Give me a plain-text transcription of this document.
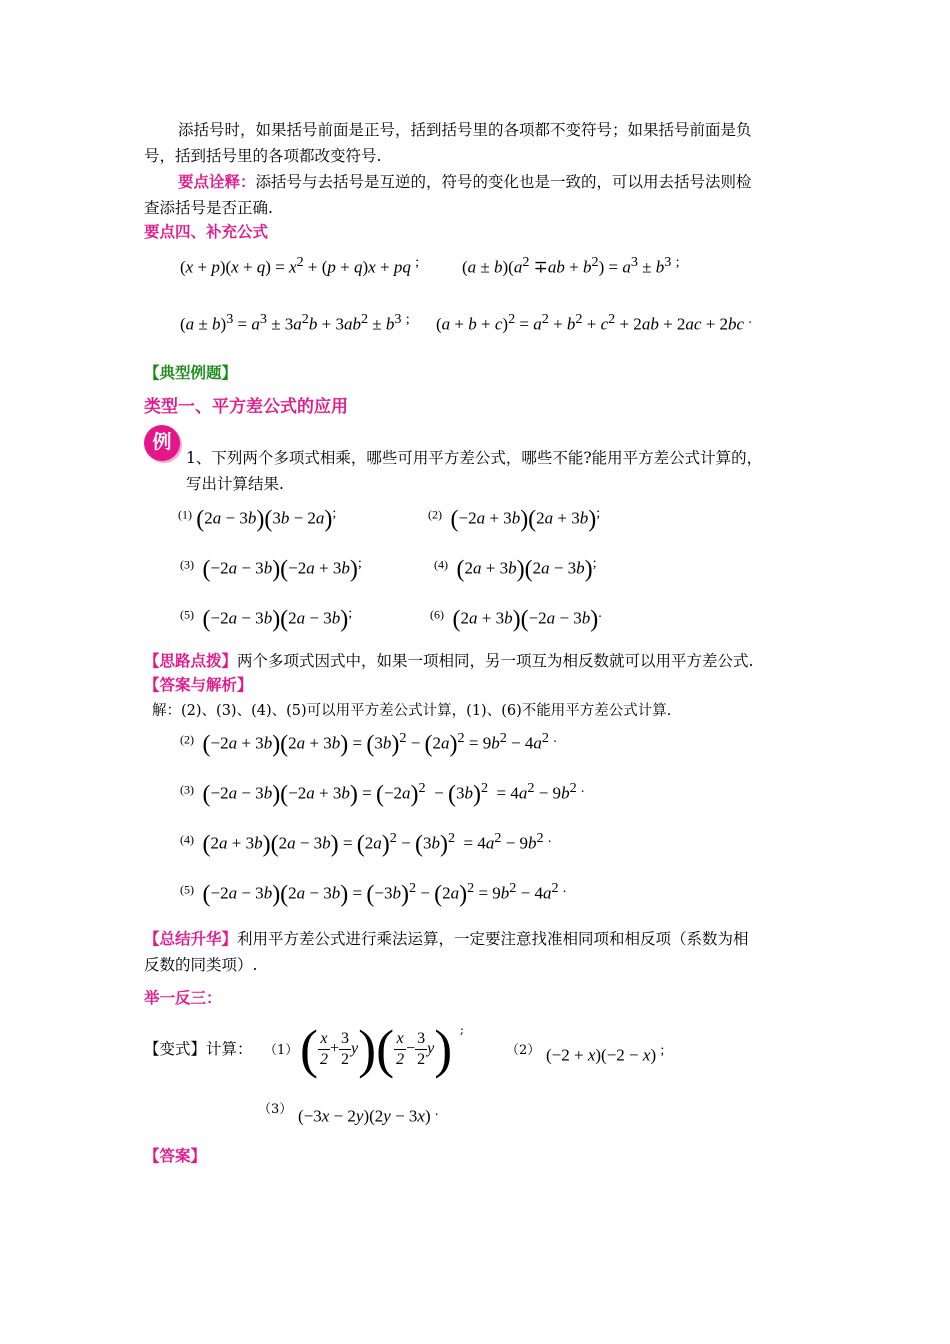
添括号时，如果括号前面是正号，括到括号里的各项都不变符号；如果括号前面是负
号，括到括号里的各项都改变符号.
要点诠释：添括号与去括号是互逆的，符号的变化也是一致的，可以用去括号法则检
查添括号是否正确.
要点四、补充公式
$(x + p)(x + q) = x^2 + (p + q)x$ + pq ;	$(a \pm b)(a^2 \mp ab + b^2) = a^3 \pm b^3$ ;
$(a \pm b)^3 = a^3 \pm 3a^2b + 3ab^2 \pm b^3$ ; $(a + b + c)^2 = a^2 + b^2 + c^2 + 2ab + 2ac + 2bc$ .
【典型例题】
类型一、平方差公式的应用
例
1、下列两个多项式相乘，哪些可用平方差公式，哪些不能?能用平方差公式计算的，
写出计算结果.
$^{(1)}$ (2a − 3b)(3b − 2a);	$^{(2)}$ (−2a + 3b)(2a + 3b);
$^{(3)}$ (−2a − 3b)(−2a + 3b);	$^{(4)}$ (2a + 3b)(2a − 3b);
$^{(5)}$ (−2a − 3b)(2a − 3b);	$^{(6)}$ (2a + 3b)(−2a − 3b).
【思路点拨】两个多项式因式中，如果一项相同，另一项互为相反数就可以用平方差公式.
【答案与解析】
解：(2)、(3)、(4)、(5)可以用平方差公式计算，(1)、(6)不能用平方差公式计算.
$^{(2)}$ $(-2a + 3b)(2a + 3b) = (3b)^2 - (2a)^2 = 9b^2 - 4a^2$ .
$^{(3)}$ $(-2a - 3b)(-2a + 3b) = (-2a)^2 - (3b)^2 = 4a^2 - 9b^2$ .
$^{(4)}$ $(2a + 3b)(2a - 3b) = (2a)^2 - (3b)^2 = 4a^2 - 9b^2$ .
$^{(5)}$ $(-2a - 3b)(2a - 3b) = (-3b)^2 - (2a)^2 = 9b^2 - 4a^2$ .
【总结升华】利用平方差公式进行乘法运算，一定要注意找准相同项和相反项（系数为相
反数的同类项）.
举一反三：
【变式】计算： （1） ( $\frac{x}{2} + \frac{3}{2} y)( \frac{x}{2} - \frac{3}{2} y)$  ;
（2） (−2 + x)(−2 − x) ;
（3） (−3x − 2y)(2y − 3x) .
【答案】
